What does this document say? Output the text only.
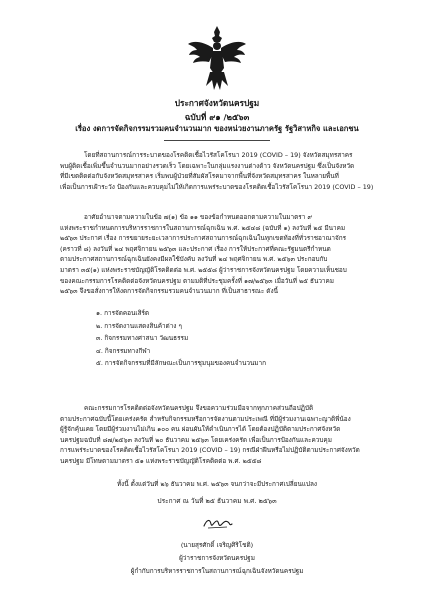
ประกาศจังหวัดนครปฐม
ฉบับที่ ๙๑ /๒๕๖๓
เรื่อง งดการจัดกิจกรรมรวมคนจำนวนมาก ของหน่วยงานภาครัฐ รัฐวิสาหกิจ และเอกชน
โดยที่สถานการณ์การระบาดของโรคติดเชื้อไวรัสโคโรนา 2019 (COVID – 19) จังหวัดสมุทรสาคร
พบผู้ติดเชื้อเพิ่มขึ้นจำนวนมากอย่างรวดเร็ว โดยเฉพาะในกลุ่มแรงงานต่างด้าว จังหวัดนครปฐม ซึ่งเป็นจังหวัด
ที่มีเขตติดต่อกับจังหวัดสมุทรสาคร เริ่มพบผู้ป่วยที่สัมผัสโรคมาจากพื้นที่จังหวัดสมุทรสาคร ในหลายพื้นที่
เพื่อเป็นการเฝ้าระวัง ป้องกันและควบคุมไม่ให้เกิดการแพร่ระบาดของโรคติดเชื้อไวรัสโคโรนา 2019 (COVID – 19)
อาศัยอำนาจตามความในข้อ ๗(๑) ข้อ ๑๑ ของข้อกำหนดออกตามความในมาตรา ๙
แห่งพระราชกำหนดการบริหารราชการในสถานการณ์ฉุกเฉิน พ.ศ. ๒๕๔๘ (ฉบับที่ ๑) ลงวันที่ ๒๕ มีนาคม
๒๕๖๓ ประกาศ เรื่อง การขยายระยะเวลาการประกาศสถานการณ์ฉุกเฉินในทุกเขตท้องที่ทั่วราชอาณาจักร
(คราวที่ ๘) ลงวันที่ ๒๔ พฤศจิกายน ๒๕๖๓ และประกาศ เรื่อง การให้ประกาศที่คณะรัฐมนตรีกำหนด
ตามประกาศสถานการณ์ฉุกเฉินยังคงมีผลใช้บังคับ ลงวันที่ ๒๔ พฤศจิกายน พ.ศ. ๒๕๖๓ ประกอบกับ
มาตรา ๓๕(๑) แห่งพระราชบัญญัติโรคติดต่อ พ.ศ. ๒๕๕๘ ผู้ว่าราชการจังหวัดนครปฐม โดยความเห็นชอบ
ของคณะกรรมการโรคติดต่อจังหวัดนครปฐม ตามมติที่ประชุมครั้งที่ ๑๗/๒๕๖๓ เมื่อวันที่ ๒๕ ธันวาคม
๒๕๖๓ จึงขอสั่งการให้งดการจัดกิจกรรมรวมคนจำนวนมาก ที่เป็นสาธารณะ ดังนี้
๑. การจัดคอนเสิร์ต
๒. การจัดงานแสดงสินค้าต่าง ๆ
๓. กิจกรรมทางศาสนา วัฒนธรรม
๔. กิจกรรมทางกีฬา
๕. การจัดกิจกรรมที่มีลักษณะเป็นการชุมนุมของคนจำนวนมาก
คณะกรรมการโรคติดต่อจังหวัดนครปฐม จึงขอความร่วมมือจากทุกภาคส่วนถือปฏิบัติ
ตามประกาศฉบับนี้โดยเคร่งครัด สำหรับกิจกรรมหรือการจัดงานตามประเพณี ที่มีผู้ร่วมงานเฉพาะญาติพี่น้อง
ผู้รู้จักคุ้นเคย โดยมีผู้ร่วมงานไม่เกิน ๑๐๐ คน ผ่อนผันให้ดำเนินการได้ โดยต้องปฏิบัติตามประกาศจังหวัด
นครปฐมฉบับที่ ๘๗/๒๕๖๓ ลงวันที่ ๒๐ ธันวาคม ๒๕๖๓ โดยเคร่งครัด เพื่อเป็นการป้องกันและควบคุม
การแพร่ระบาดของโรคติดเชื้อไวรัสโคโรนา 2019 (COVID – 19) กรณีฝ่าฝืนหรือไม่ปฏิบัติตามประกาศจังหวัด
นครปฐม มีโทษตามมาตรา ๕๑ แห่งพระราชบัญญัติโรคติดต่อ พ.ศ. ๒๕๕๘
ทั้งนี้ ตั้งแต่วันที่ ๒๖ ธันวาคม พ.ศ. ๒๕๖๓ จนกว่าจะมีประกาศเปลี่ยนแปลง
ประกาศ ณ วันที่ ๒๕ ธันวาคม พ.ศ. ๒๕๖๓
(นายสุรศักดิ์ เจริญศิริโชติ)
ผู้ว่าราชการจังหวัดนครปฐม
ผู้กำกับการบริหารราชการในสถานการณ์ฉุกเฉินจังหวัดนครปฐม
